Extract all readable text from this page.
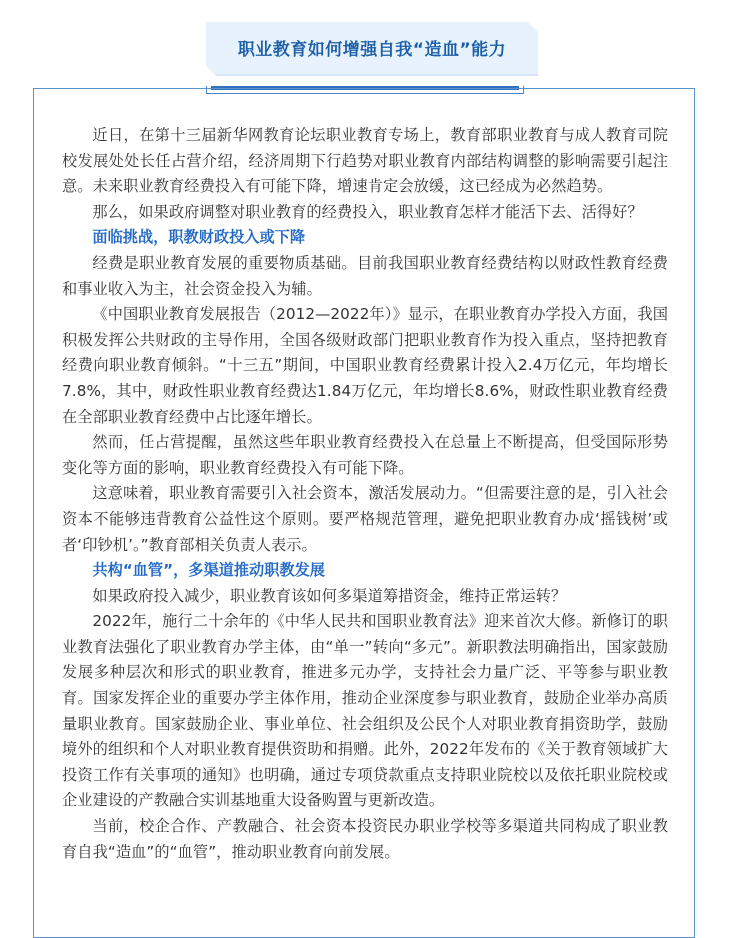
职业教育如何增强自我“造血”能力

近日，在第十三届新华网教育论坛职业教育专场上，教育部职业教育与成人教育司院校发展处处长任占营介绍，经济周期下行趋势对职业教育内部结构调整的影响需要引起注意。未来职业教育经费投入有可能下降，增速肯定会放缓，这已经成为必然趋势。

那么，如果政府调整对职业教育的经费投入，职业教育怎样才能活下去、活得好？

面临挑战，职教财政投入或下降

经费是职业教育发展的重要物质基础。目前我国职业教育经费结构以财政性教育经费和事业收入为主，社会资金投入为辅。

《中国职业教育发展报告（2012—2022年）》显示，在职业教育办学投入方面，我国积极发挥公共财政的主导作用，全国各级财政部门把职业教育作为投入重点，坚持把教育经费向职业教育倾斜。“十三五”期间，中国职业教育经费累计投入2.4万亿元，年均增长7.8%，其中，财政性职业教育经费达1.84万亿元，年均增长8.6%，财政性职业教育经费在全部职业教育经费中占比逐年增长。

然而，任占营提醒，虽然这些年职业教育经费投入在总量上不断提高，但受国际形势变化等方面的影响，职业教育经费投入有可能下降。

这意味着，职业教育需要引入社会资本，激活发展动力。“但需要注意的是，引入社会资本不能够违背教育公益性这个原则。要严格规范管理，避免把职业教育办成‘摇钱树’或者‘印钞机’。”教育部相关负责人表示。

共构“血管”，多渠道推动职教发展

如果政府投入减少，职业教育该如何多渠道筹措资金，维持正常运转？

2022年，施行二十余年的《中华人民共和国职业教育法》迎来首次大修。新修订的职业教育法强化了职业教育办学主体，由“单一”转向“多元”。新职教法明确指出，国家鼓励发展多种层次和形式的职业教育，推进多元办学，支持社会力量广泛、平等参与职业教育。国家发挥企业的重要办学主体作用，推动企业深度参与职业教育，鼓励企业举办高质量职业教育。国家鼓励企业、事业单位、社会组织及公民个人对职业教育捐资助学，鼓励境外的组织和个人对职业教育提供资助和捐赠。此外，2022年发布的《关于教育领域扩大投资工作有关事项的通知》也明确，通过专项贷款重点支持职业院校以及依托职业院校或企业建设的产教融合实训基地重大设备购置与更新改造。

当前，校企合作、产教融合、社会资本投资民办职业学校等多渠道共同构成了职业教育自我“造血”的“血管”，推动职业教育向前发展。
